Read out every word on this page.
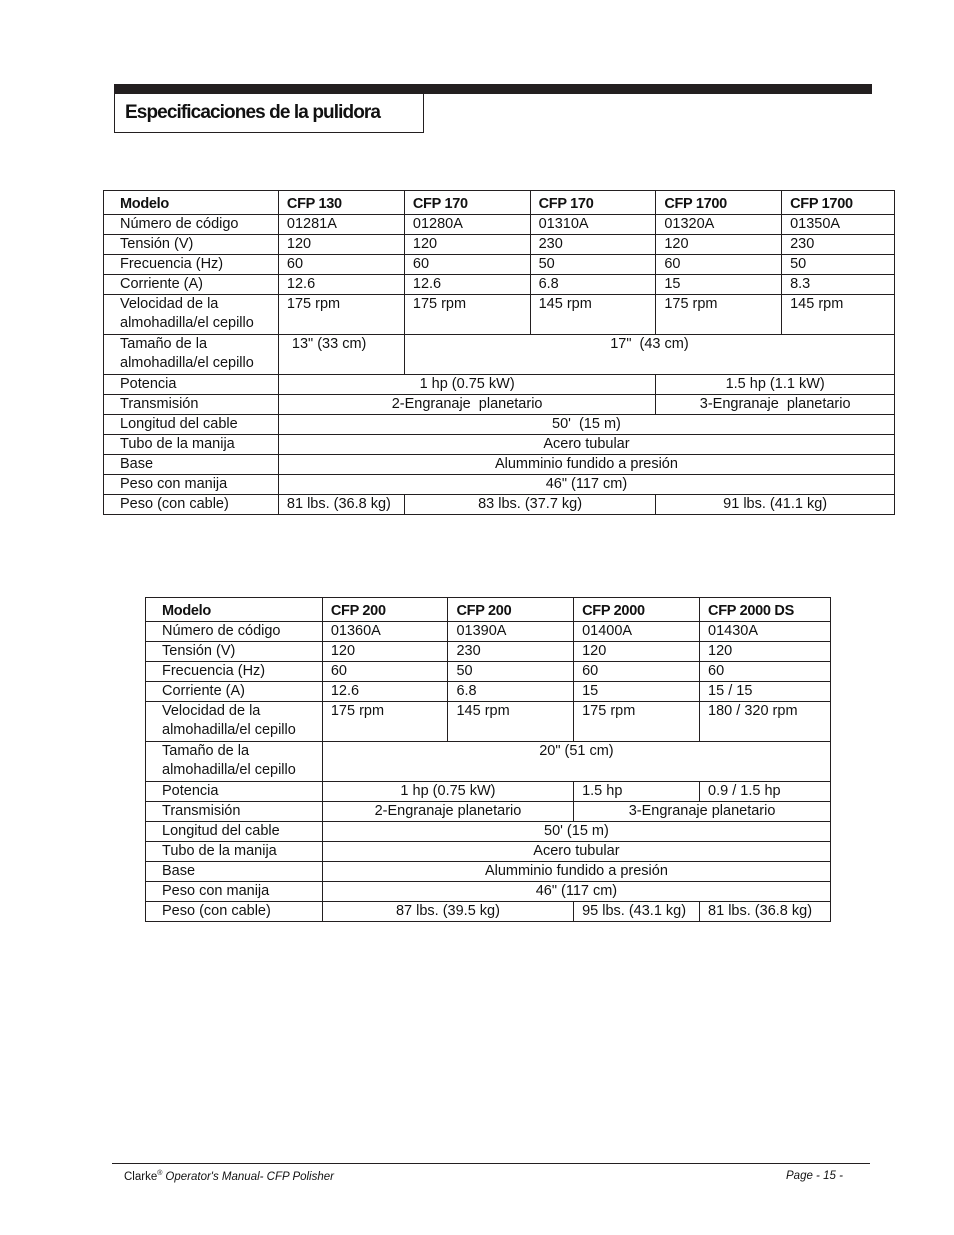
Especificaciones de la pulidora
Modelo	CFP 130	CFP 170	CFP 170	CFP 1700	CFP 1700
Número de código	01281A	01280A	01310A	01320A	01350A
Tensión (V)	120	120	230	120	230
Frecuencia (Hz)	60	60	50	60	50
Corriente (A)	12.6	12.6	6.8	15	8.3
Velocidad de la
almohadilla/el cepillo	175 rpm	175 rpm	145 rpm	175 rpm	145 rpm
Tamaño de la
almohadilla/el cepillo	13" (33 cm)	17"  (43 cm)			
Potencia	1 hp (0.75 kW)			1.5 hp (1.1 kW)	
Transmisión	2-Engranaje  planetario			3-Engranaje  planetario	
Longitud del cable	50'  (15 m)				
Tubo de la manija	Acero tubular				
Base	Alumminio fundido a presión				
Peso con manija	46" (117 cm)				
Peso (con cable)	81 lbs. (36.8 kg)	83 lbs. (37.7 kg)		91 lbs. (41.1 kg)	
Modelo	CFP 200	CFP 200	CFP 2000	CFP 2000 DS
Número de código	01360A	01390A	01400A	01430A
Tensión (V)	120	230	120	120
Frecuencia (Hz)	60	50	60	60
Corriente (A)	12.6	6.8	15	15 / 15
Velocidad de la
almohadilla/el cepillo	175 rpm	145 rpm	175 rpm	180 / 320 rpm
Tamaño de la
almohadilla/el cepillo	20" (51 cm)			
Potencia	1 hp (0.75 kW)		1.5 hp	0.9 / 1.5 hp
Transmisión	2-Engranaje planetario		3-Engranaje planetario	
Longitud del cable	50' (15 m)			
Tubo de la manija	Acero tubular			
Base	Alumminio fundido a presión			
Peso con manija	46" (117 cm)			
Peso (con cable)	87 lbs. (39.5 kg)		95 lbs. (43.1 kg)	81 lbs. (36.8 kg)
Clarke® Operator's Manual- CFP Polisher	Page - 15 -
